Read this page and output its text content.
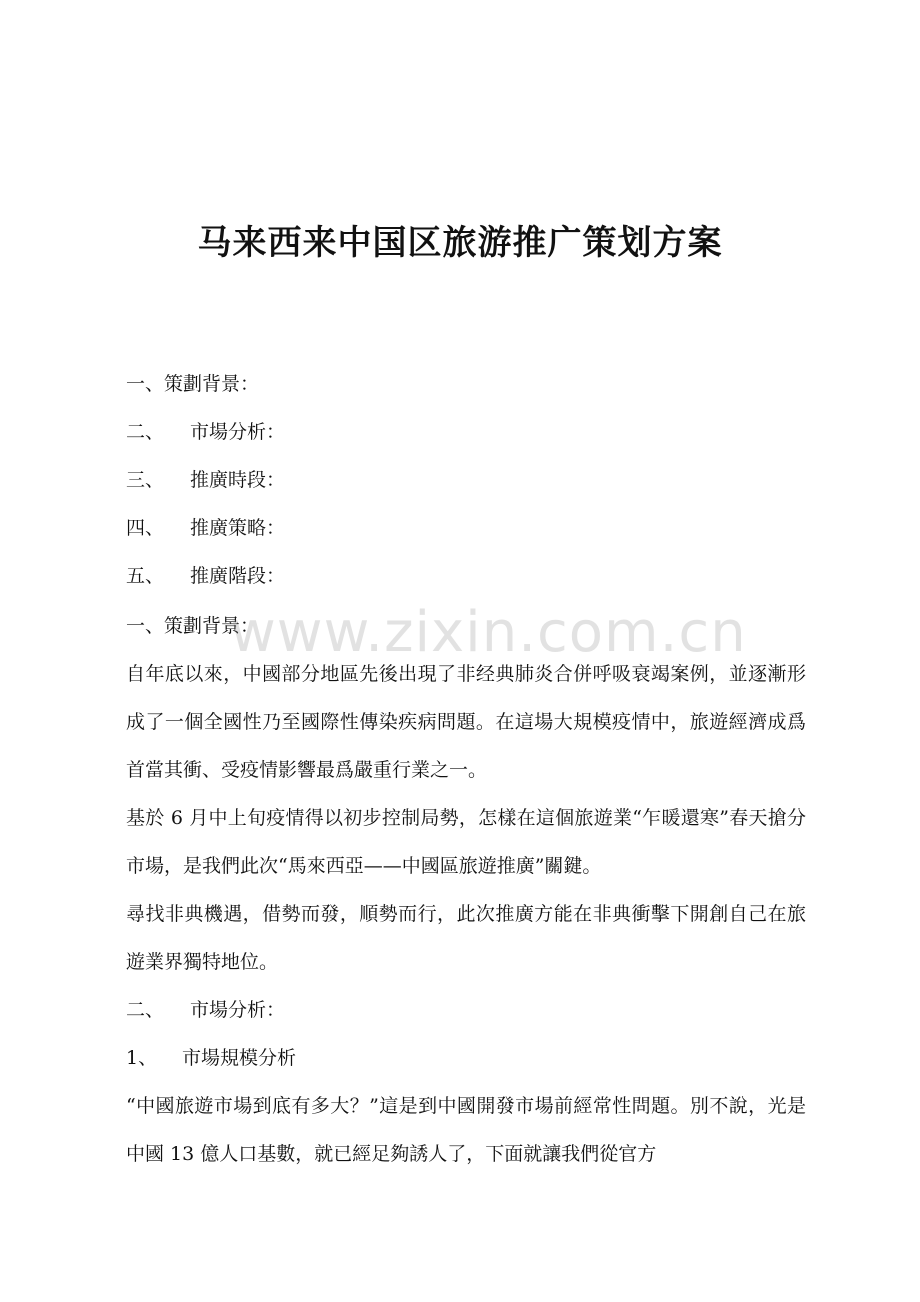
马来西来中国区旅游推广策划方案
一、 策劃背景：
二、	市場分析：
三、	推廣時段：
四、	推廣策略：
五、	推廣階段：

一、策劃背景：

自年底以來，中國部分地區先後出現了非经典肺炎合併呼吸衰竭案例，並逐漸形成了一個全國性乃至國際性傳染疾病問題。在這場大規模疫情中，旅遊經濟成爲首當其衝、受疫情影響最爲嚴重行業之一。

基於 6 月中上旬疫情得以初步控制局勢，怎樣在這個旅遊業“乍暖還寒”春天搶分市場，是我們此次“馬來西亞——中國區旅遊推廣”關鍵。

尋找非典機遇，借勢而發，順勢而行，此次推廣方能在非典衝擊下開創自己在旅遊業界獨特地位。

二、	市場分析：
1、	市場規模分析

“中國旅遊市場到底有多大？”這是到中國開發市場前經常性問題。別不說，光是中國 13 億人口基數，就已經足夠誘人了，下面就讓我們從官方

www.zixin.com.cn
